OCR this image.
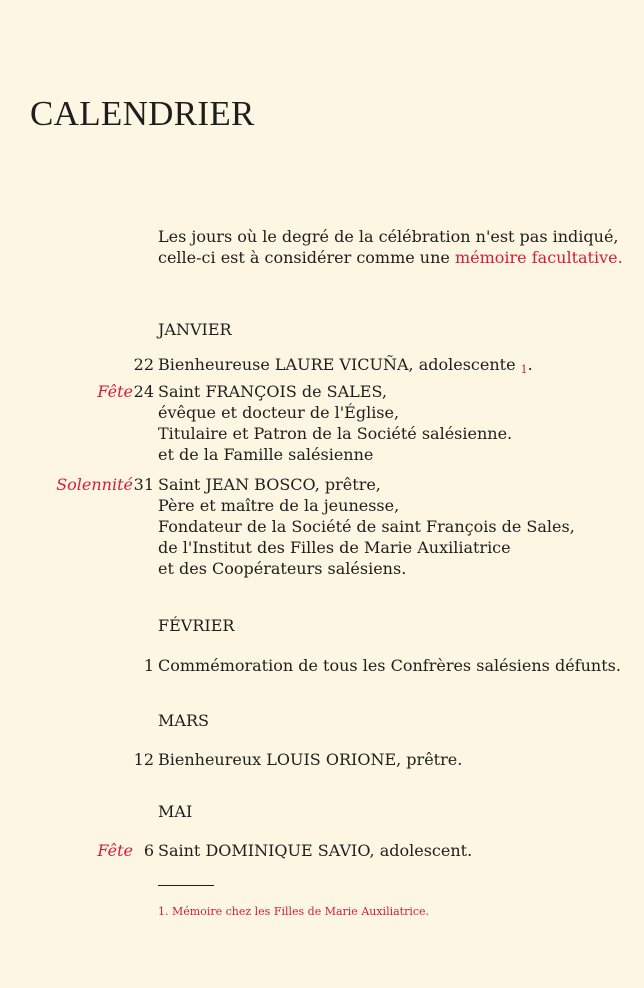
CALENDRIER
Les jours où le degré de la célébration n'est pas indiqué,
celle-ci est à considérer comme une mémoire facultative.
JANVIER
22 Bienheureuse LAURE VICUÑA, adolescente 1.
Fête 24 Saint FRANÇOIS de SALES,
évêque et docteur de l'Église,
Titulaire et Patron de la Société salésienne.
et de la Famille salésienne
Solennité 31 Saint JEAN BOSCO, prêtre,
Père et maître de la jeunesse,
Fondateur de la Société de saint François de Sales,
de l'Institut des Filles de Marie Auxiliatrice
et des Coopérateurs salésiens.
FÉVRIER
1 Commémoration de tous les Confrères salésiens défunts.
MARS
12 Bienheureux LOUIS ORIONE, prêtre.
MAI
Fête 6 Saint DOMINIQUE SAVIO, adolescent.
1. Mémoire chez les Filles de Marie Auxiliatrice.
